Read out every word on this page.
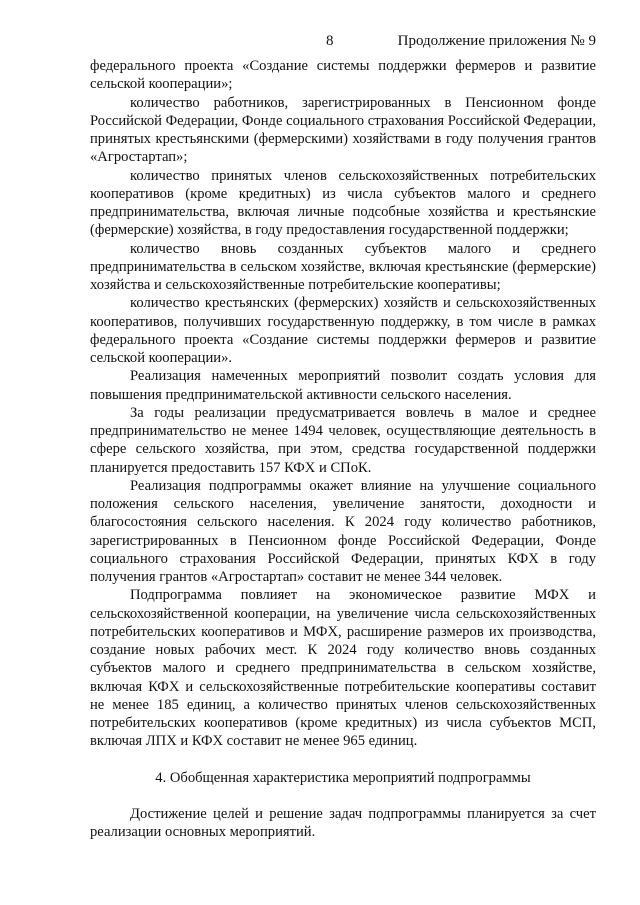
8	Продолжение приложения № 9

федерального проекта «Создание системы поддержки фермеров и развитие сельской кооперации»;

количество работников, зарегистрированных в Пенсионном фонде Российской Федерации, Фонде социального страхования Российской Федерации, принятых крестьянскими (фермерскими) хозяйствами в году получения грантов «Агростартап»;

количество принятых членов сельскохозяйственных потребительских кооперативов (кроме кредитных) из числа субъектов малого и среднего предпринимательства, включая личные подсобные хозяйства и крестьянские (фермерские) хозяйства, в году предоставления государственной поддержки;

количество вновь созданных субъектов малого и среднего предпринимательства в сельском хозяйстве, включая крестьянские (фермерские) хозяйства и сельскохозяйственные потребительские кооперативы;

количество крестьянских (фермерских) хозяйств и сельскохозяйственных кооперативов, получивших государственную поддержку, в том числе в рамках федерального проекта «Создание системы поддержки фермеров и развитие сельской кооперации».

Реализация намеченных мероприятий позволит создать условия для повышения предпринимательской активности сельского населения.

За годы реализации предусматривается вовлечь в малое и среднее предпринимательство не менее 1494 человек, осуществляющие деятельность в сфере сельского хозяйства, при этом, средства государственной поддержки планируется предоставить 157 КФХ и СПоК.

Реализация подпрограммы окажет влияние на улучшение социального положения сельского населения, увеличение занятости, доходности и благосостояния сельского населения. К 2024 году количество работников, зарегистрированных в Пенсионном фонде Российской Федерации, Фонде социального страхования Российской Федерации, принятых КФХ в году получения грантов «Агростартап» составит не менее 344 человек.

Подпрограмма повлияет на экономическое развитие МФХ и сельскохозяйственной кооперации, на увеличение числа сельскохозяйственных потребительских кооперативов и МФХ, расширение размеров их производства, создание новых рабочих мест. К 2024 году количество вновь созданных субъектов малого и среднего предпринимательства в сельском хозяйстве, включая КФХ и сельскохозяйственные потребительские кооперативы составит не менее 185 единиц, а количество принятых членов сельскохозяйственных потребительских кооперативов (кроме кредитных) из числа субъектов МСП, включая ЛПХ и КФХ составит не менее 965 единиц.

4. Обобщенная характеристика мероприятий подпрограммы

Достижение целей и решение задач подпрограммы планируется за счет реализации основных мероприятий.
